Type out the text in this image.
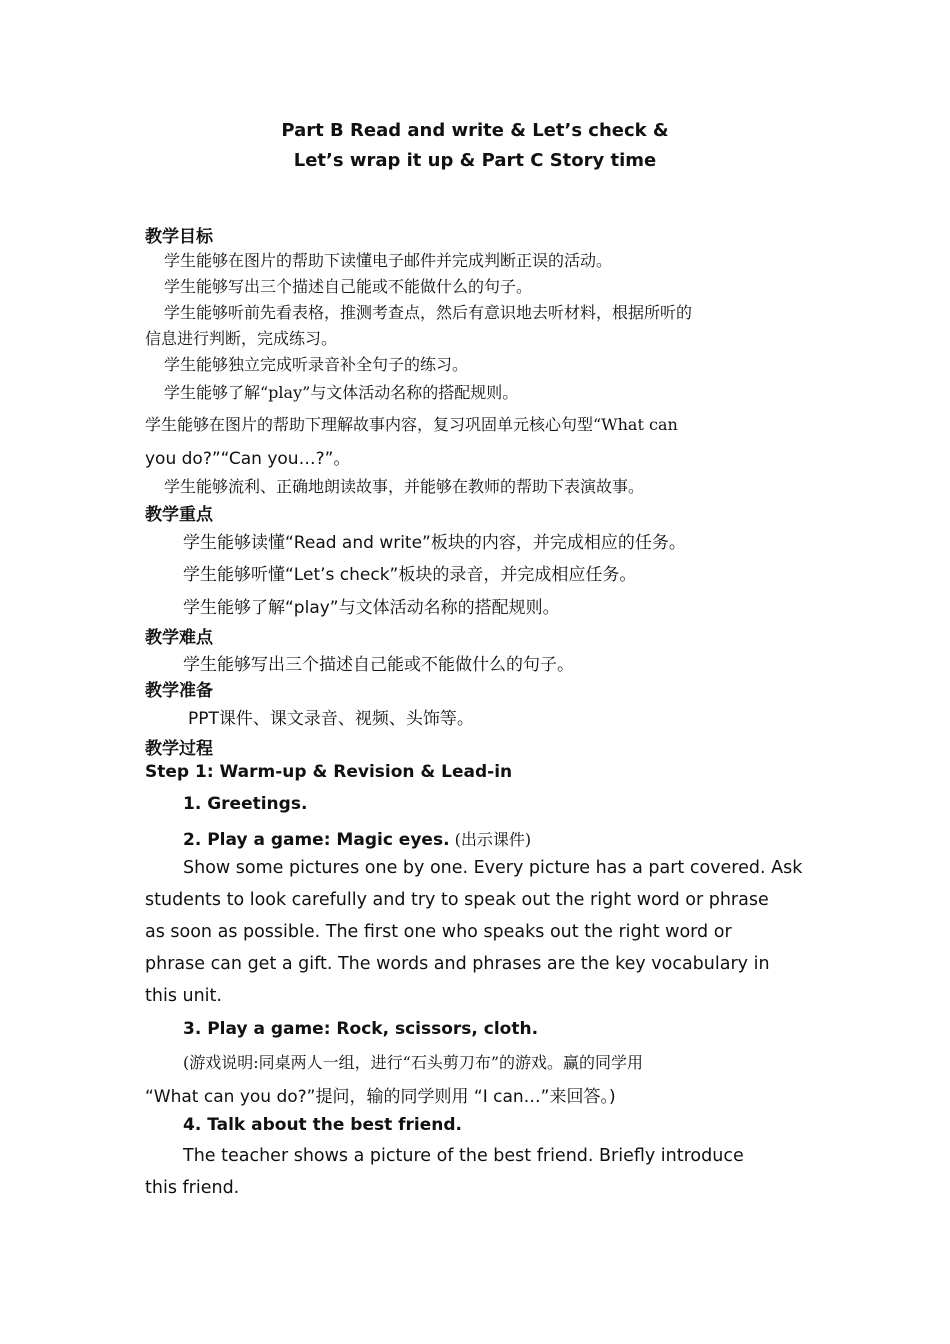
Part B Read and write & Let’s check &

Let’s wrap it up & Part C Story time

教学目标

学生能够在图片的帮助下读懂电子邮件并完成判断正误的活动。

学生能够写出三个描述自己能或不能做什么的句子。

学生能够听前先看表格，推测考查点，然后有意识地去听材料，根据所听的

信息进行判断，完成练习。

学生能够独立完成听录音补全句子的练习。

学生能够了解“play”与文体活动名称的搭配规则。

学生能够在图片的帮助下理解故事内容，复习巩固单元核心句型“What can

you do?”“Can you…?”。

学生能够流利、正确地朗读故事，并能够在教师的帮助下表演故事。

教学重点

学生能够读懂“Read and write”板块的内容，并完成相应的任务。

学生能够听懂“Let’s check”板块的录音，并完成相应任务。

学生能够了解“play”与文体活动名称的搭配规则。

教学难点

学生能够写出三个描述自己能或不能做什么的句子。

教学准备

PPT课件、课文录音、视频、头饰等。

教学过程

Step 1: Warm-up & Revision & Lead-in

1. Greetings.

2. Play a game: Magic eyes. (出示课件)

Show some pictures one by one. Every picture has a part covered. Ask

students to look carefully and try to speak out the right word or phrase

as soon as possible. The first one who speaks out the right word or

phrase can get a gift. The words and phrases are the key vocabulary in

this unit.

3. Play a game: Rock, scissors, cloth.

(游戏说明:同桌两人一组，进行“石头剪刀布”的游戏。赢的同学用

“What can you do?”提问，输的同学则用 “I can…”来回答。)

4. Talk about the best friend.

The teacher shows a picture of the best friend. Briefly introduce

this friend.
